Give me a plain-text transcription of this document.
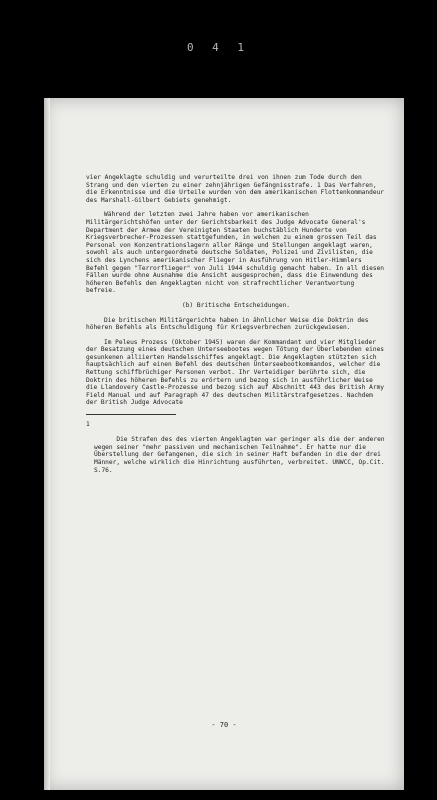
0 4 1

vier Angeklagte schuldig und verurteilte drei von ihnen zum Tode durch den Strang und den vierten zu einer zehnjährigen Gefängnisstrafe. 1 Das Verfahren, die Erkenntnisse und die Urteile wurden von dem amerikanischen Flottenkommandeur des Marshall-Gilbert Gebiets genehmigt.

Während der letzten zwei Jahre haben vor amerikanischen Militärgerichtshöfen unter der Gerichtsbarkeit des Judge Advocate General's Department der Armee der Vereinigten Staaten buchstäblich Hunderte von Kriegsverbrecher-Prozessen stattgefunden, in welchen zu einem grossen Teil das Personal von Konzentrationslagern aller Ränge und Stellungen angeklagt waren, sowohl als auch untergeordnete deutsche Soldaten, Polizei und Zivilisten, die sich des Lynchens amerikanischer Flieger in Ausführung von Hitler-Himmlers Befehl gegen "Terrorflieger" von Juli 1944 schuldig gemacht haben. In all diesen Fällen wurde ohne Ausnahme die Ansicht ausgesprochen, dass die Einwendung des höheren Befehls den Angeklagten nicht von strafrechtlicher Verantwortung befreie.

(b) Britische Entscheidungen.

Die britischen Militärgerichte haben in ähnlicher Weise die Doktrin des höheren Befehls als Entschuldigung für Kriegsverbrechen zurückgewiesen.

Im Peleus Prozess (Oktober 1945) waren der Kommandant und vier Mitglieder der Besatzung eines deutschen Unterseebootes wegen Tötung der Überlebenden eines gesunkenen alliierten Handelsschiffes angeklagt. Die Angeklagten stützten sich hauptsächlich auf einen Befehl des deutschen Unterseebootkommandos, welcher die Rettung schiffbrüchiger Personen verbot. Ihr Verteidiger berührte sich, die Doktrin des höheren Befehls zu erörtern und bezog sich in ausführlicher Weise die Llandovery Castle-Prozesse und bezog sich auf Abschnitt 443 des British Army Field Manual und auf Paragraph 47 des deutschen Militärstrafgesetzes. Nachdem der British Judge Advocate

1

Die Strafen des des vierten Angeklagten war geringer als die der anderen wegen seiner "mehr passiven und mechanischen Teilnahme". Er hatte nur die Überstellung der Gefangenen, die sich in seiner Haft befanden in die der drei Männer, welche wirklich die Hinrichtung ausführten, verbreitet. UNWCC, Op.Cit. S.76.

- 70 -
